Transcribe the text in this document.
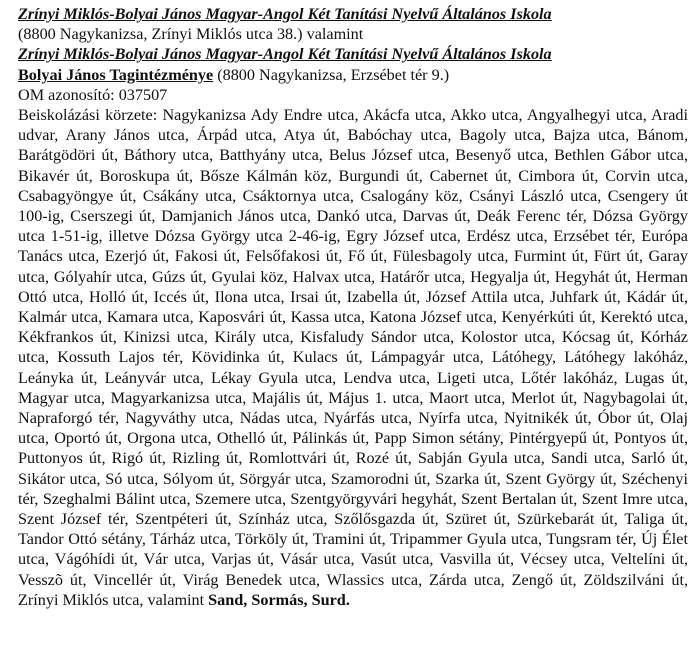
Zrínyi Miklós-Bolyai János Magyar-Angol Két Tanítási Nyelvű Általános Iskola
(8800 Nagykanizsa, Zrínyi Miklós utca 38.) valamint
Zrínyi Miklós-Bolyai János Magyar-Angol Két Tanítási Nyelvű Általános Iskola
Bolyai János Tagintézménye (8800 Nagykanizsa, Erzsébet tér 9.)
OM azonosító: 037507
Beiskolázási körzete: Nagykanizsa Ady Endre utca, Akácfa utca, Akko utca, Angyalhegyi utca, Aradi udvar, Arany János utca, Árpád utca, Atya út, Babóchay utca, Bagoly utca, Bajza utca, Bánom, Barátgödöri út, Báthory utca, Batthyány utca, Belus József utca, Besenyő utca, Bethlen Gábor utca, Bikavér út, Boroskupa út, Bősze Kálmán köz, Burgundi út, Cabernet út, Cimbora út, Corvin utca, Csabagyöngye út, Csákány utca, Csáktornya utca, Csalogány köz, Csányi László utca, Csengery út 100-ig, Cserszegi út, Damjanich János utca, Dankó utca, Darvas út, Deák Ferenc tér, Dózsa György utca 1-51-ig, illetve Dózsa György utca 2-46-ig, Egry József utca, Erdész utca, Erzsébet tér, Európa Tanács utca, Ezerjó út, Fakosi út, Felsőfakosi út, Fő út, Fülesbagoly utca, Furmint út, Fürt út, Garay utca, Gólyahír utca, Gúzs út, Gyulai köz, Halvax utca, Határőr utca, Hegyalja út, Hegyhát út, Herman Ottó utca, Holló út, Iccés út, Ilona utca, Irsai út, Izabella út, József Attila utca, Juhfark út, Kádár út, Kalmár utca, Kamara utca, Kaposvári út, Kassa utca, Katona József utca, Kenyérkúti út, Kerektó utca, Kékfrankos út, Kinizsi utca, Király utca, Kisfaludy Sándor utca, Kolostor utca, Kócsag út, Kórház utca, Kossuth Lajos tér, Kövidinka út, Kulacs út, Lámpagyár utca, Látóhegy, Látóhegy lakóház, Leányka út, Leányvár utca, Lékay Gyula utca, Lendva utca, Ligeti utca, Lőtér lakóház, Lugas út, Magyar utca, Magyarkanizsa utca, Majális út, Május 1. utca, Maort utca, Merlot út, Nagybagolai út, Napraforgó tér, Nagyváthy utca, Nádas utca, Nyárfás utca, Nyírfa utca, Nyitnikék út, Óbor út, Olaj utca, Oportó út, Orgona utca, Othelló út, Pálinkás út, Papp Simon sétány, Pintérgyepű út, Pontyos út, Puttonyos út, Rigó út, Rizling út, Romlottvári út, Rozé út, Sabján Gyula utca, Sandi utca, Sarló út, Sikátor utca, Só utca, Sólyom út, Sörgyár utca, Szamorodni út, Szarka út, Szent György út, Széchenyi tér, Szeghalmi Bálint utca, Szemere utca, Szentgyörgyvári hegyhát, Szent Bertalan út, Szent Imre utca, Szent József tér, Szentpéteri út, Színház utca, Szőlősgazda út, Szüret út, Szürkebarát út, Taliga út, Tandor Ottó sétány, Tárház utca, Törköly út, Tramini út, Tripammer Gyula utca, Tungsram tér, Új Élet utca, Vágóhídi út, Vár utca, Varjas út, Vásár utca, Vasút utca, Vasvilla út, Vécsey utca, Veltelíni út, Vesszõ út, Vincellér út, Virág Benedek utca, Wlassics utca, Zárda utca, Zengő út, Zöldszilváni út, Zrínyi Miklós utca, valamint Sand, Sormás, Surd.
